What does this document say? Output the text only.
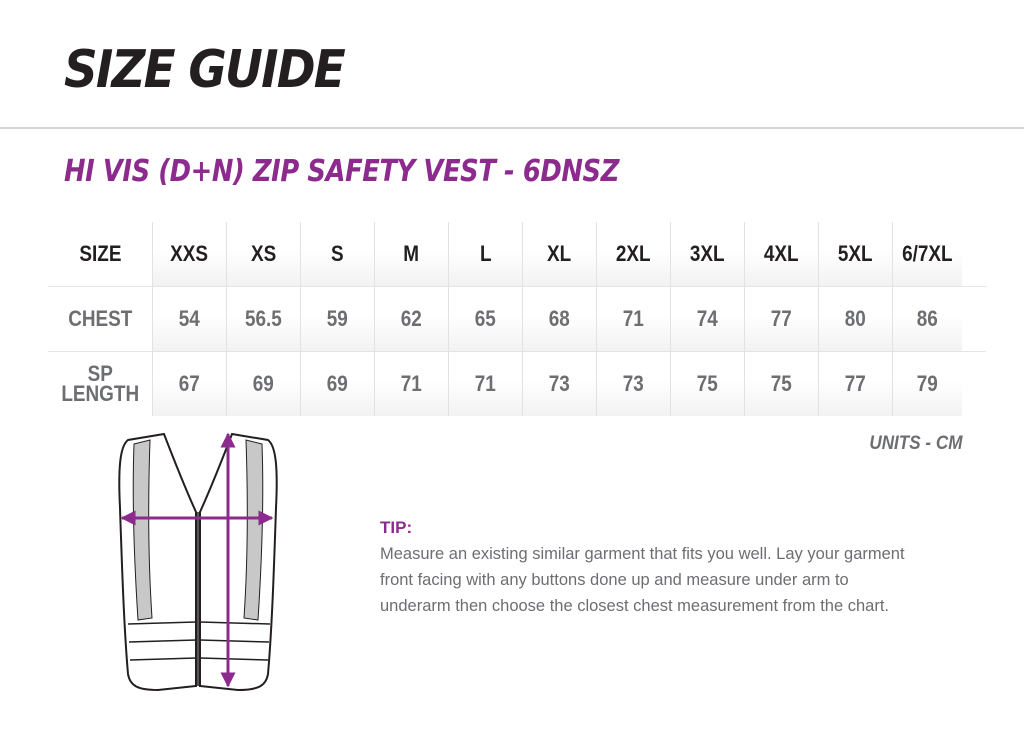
SIZE GUIDE
HI VIS (D+N) ZIP SAFETY VEST - 6DNSZ
SIZE XXS XS	S	M	L	XL 2XL 3XL 4XL 5XL 6/7XL
CHEST 54 56.5 59 62 65 68 71 74 77 80 86
SP
LENGTH 67 69 69 71 71 73 73 75 75 77 79
UNITS - CM
TIP:

Measure an existing similar garment that fits you well. Lay your garment
front facing with any buttons done up and measure under arm to
underarm then choose the closest chest measurement from the chart.
